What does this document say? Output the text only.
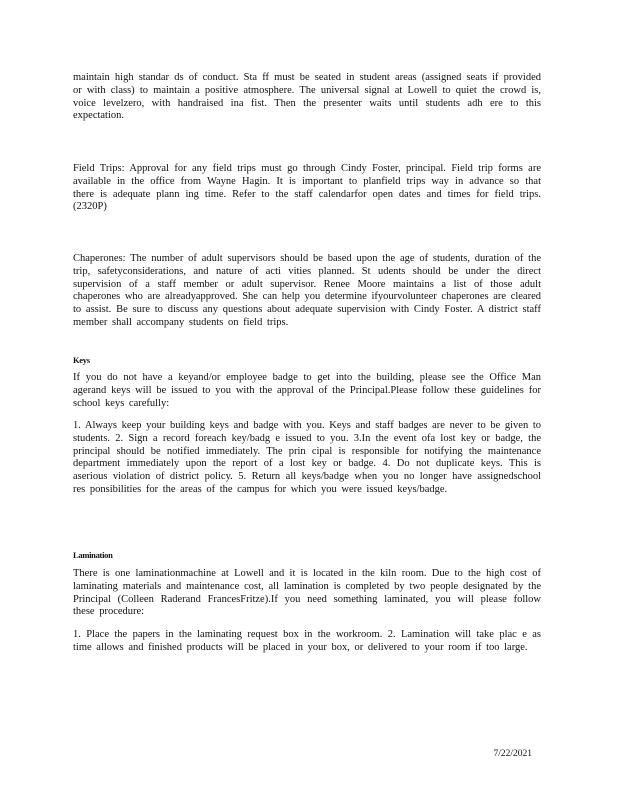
maintain high standar ds of conduct. Sta ff must be seated in student areas (assigned seats if provided or with class) to maintain a positive atmosphere. The universal signal at Lowell to quiet the crowd is, voice levelzero, with handraised ina fist. Then the presenter waits until students adh ere to this expectation.

Field Trips: Approval for any field trips must go through Cindy Foster, principal. Field trip forms are available in the office from Wayne Hagin. It is important to planfield trips way in advance so that there is adequate plann ing time. Refer to the staff calendarfor open dates and times for field trips.(2320P)

Chaperones: The number of adult supervisors should be based upon the age of students, duration of the trip, safetyconsiderations, and nature of acti vities planned. St udents should be under the direct supervision of a staff member or adult supervisor. Renee Moore maintains a list of those adult chaperones who are alreadyapproved. She can help you determine ifyourvolunteer chaperones are cleared to assist. Be sure to discuss any questions about adequate supervision with Cindy Foster. A district staff member shall accompany students on field trips.

Keys

If you do not have a keyand/or employee badge to get into the building, please see the Office Man agerand keys will be issued to you with the approval of the Principal.Please follow these guidelines for school keys carefully:

1. Always keep your building keys and badge with you. Keys and staff badges are never to be given to students. 2. Sign a record foreach key/badg e issued to you. 3.In the event ofa lost key or badge, the principal should be notified immediately. The prin cipal is responsible for notifying the maintenance department immediately upon the report of a lost key or badge. 4. Do not duplicate keys. This is aserious violation of district policy. 5. Return all keys/badge when you no longer have assignedschool res ponsibilities for the areas of the campus for which you were issued keys/badge.

Lamination

There is one laminationmachine at Lowell and it is located in the kiln room. Due to the high cost of laminating materials and maintenance cost, all lamination is completed by two people designated by the Principal (Colleen Raderand FrancesFritze).If you need something laminated, you will please follow these procedure:

1. Place the papers in the laminating request box in the workroom. 2. Lamination will take plac e as time allows and finished products will be placed in your box, or delivered to your room if too large.

7/22/2021
